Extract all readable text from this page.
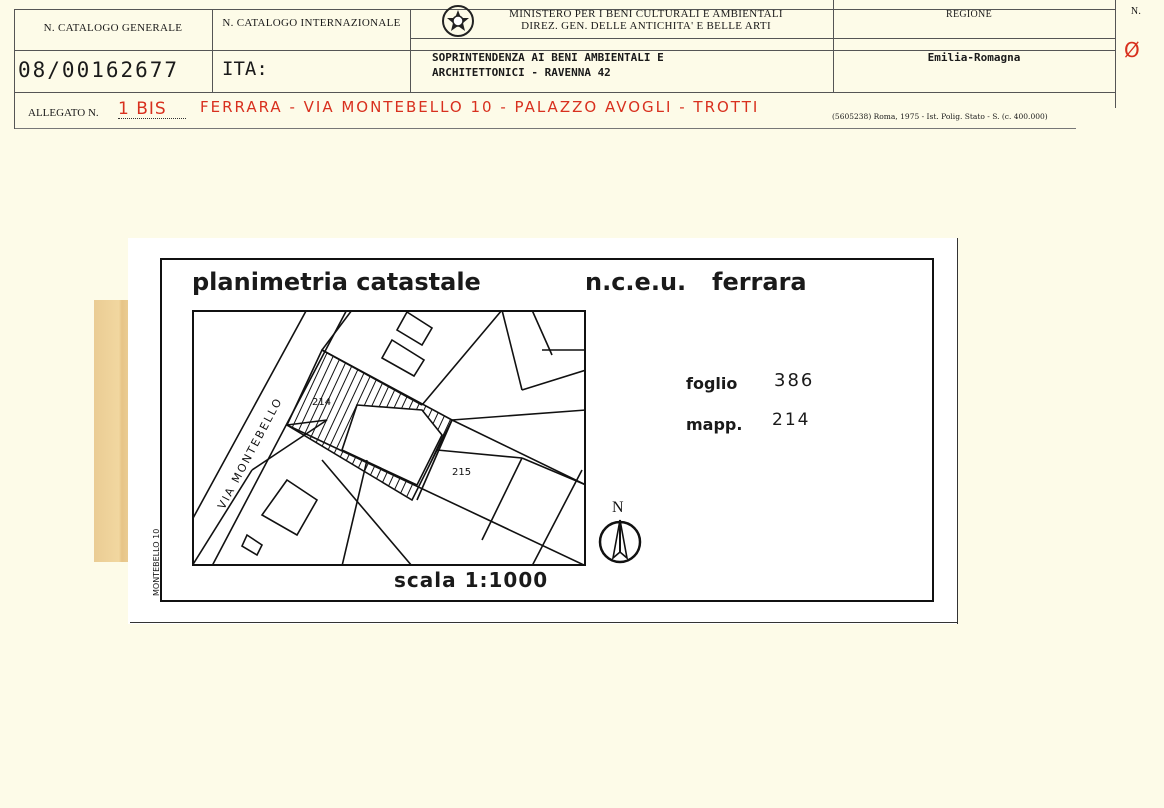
N. CATALOGO GENERALE
08/00162677
N. CATALOGO INTERNAZIONALE
ITA:
MINISTERO PER I BENI CULTURALI E AMBIENTALI
DIREZ. GEN. DELLE ANTICHITA' E BELLE ARTI
SOPRINTENDENZA AI BENI AMBIENTALI E
ARCHITETTONICI - RAVENNA 42
REGIONE
Emilia-Romagna
N.
Ø
ALLEGATO N. 1 BIS FERRARA - VIA MONTEBELLO 10 - PALAZZO AVOGLI - TROTTI
(5605238) Roma, 1975 - Ist. Polig. Stato - S. (c. 400.000)
planimetria catastale	n.c.e.u. ferrara
VIA MONTEBELLO	214
215
scala 1:1000
N
foglio 386
mapp. 214
MONTEBELLO 10
